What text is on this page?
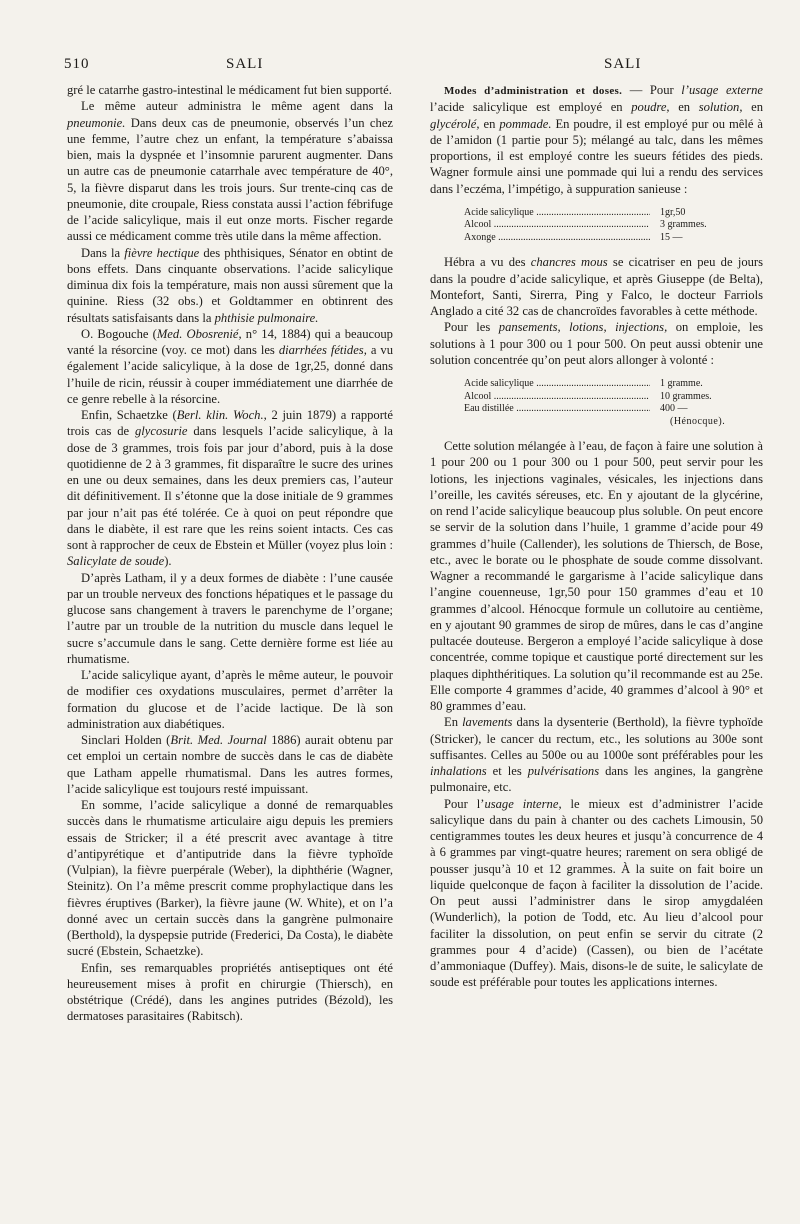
510	SALI	SALI

gré le catarrhe gastro-intestinal le médicament fut bien supporté.

Le même auteur administra le même agent dans la pneumonie. Dans deux cas de pneumonie, observés l’un chez une femme, l’autre chez un enfant, la température s’abaissa bien, mais la dyspnée et l’insomnie parurent augmenter. Dans un autre cas de pneumonie catarrhale avec température de 40°, 5, la fièvre disparut dans les trois jours. Sur trente-cinq cas de pneumonie, dite croupale, Riess constata aussi l’action fébrifuge de l’acide salicylique, mais il eut onze morts. Fischer regarde aussi ce médicament comme très utile dans la même affection.

Dans la fièvre hectique des phthisiques, Sénator en obtint de bons effets. Dans cinquante observations. l’acide salicylique diminua dix fois la température, mais non aussi sûrement que la quinine. Riess (32 obs.) et Goldtammer en obtinrent des résultats satisfaisants dans la phthisie pulmonaire.

O. Bogouche (Med. Obosrenié, n° 14, 1884) qui a beaucoup vanté la résorcine (voy. ce mot) dans les diarrhées fétides, a vu également l’acide salicylique, à la dose de 1gr,25, donné dans l’huile de ricin, réussir à couper immédiatement une diarrhée de ce genre rebelle à la résorcine.

Enfin, Schaetzke (Berl. klin. Woch., 2 juin 1879) a rapporté trois cas de glycosurie dans lesquels l’acide salicylique, à la dose de 3 grammes, trois fois par jour d’abord, puis à la dose quotidienne de 2 à 3 grammes, fit disparaître le sucre des urines en une ou deux semaines, dans les deux premiers cas, l’auteur dit définitivement. Il s’étonne que la dose initiale de 9 grammes par jour n’ait pas été tolérée. Ce à quoi on peut répondre que dans le diabète, il est rare que les reins soient intacts. Ces cas sont à rapprocher de ceux de Ebstein et Müller (voyez plus loin : Salicylate de soude).

D’après Latham, il y a deux formes de diabète : l’une causée par un trouble nerveux des fonctions hépatiques et le passage du glucose sans changement à travers le parenchyme de l’organe; l’autre par un trouble de la nutrition du muscle dans lequel le sucre s’accumule dans le sang. Cette dernière forme est liée au rhumatisme.

L’acide salicylique ayant, d’après le même auteur, le pouvoir de modifier ces oxydations musculaires, permet d’arrêter la formation du glucose et de l’acide lactique. De là son administration aux diabétiques.

Sinclari Holden (Brit. Med. Journal 1886) aurait obtenu par cet emploi un certain nombre de succès dans le cas de diabète que Latham appelle rhumatismal. Dans les autres formes, l’acide salicylique est toujours resté impuissant.

En somme, l’acide salicylique a donné de remarquables succès dans le rhumatisme articulaire aigu depuis les premiers essais de Stricker; il a été prescrit avec avantage à titre d’antipyrétique et d’antiputride dans la fièvre typhoïde (Vulpian), la fièvre puerpérale (Weber), la diphthérie (Wagner, Steinitz). On l’a même prescrit comme prophylactique dans les fièvres éruptives (Barker), la fièvre jaune (W. White), et on l’a donné avec un certain succès dans la gangrène pulmonaire (Berthold), la dyspepsie putride (Frederici, Da Costa), le diabète sucré (Ebstein, Schaetzke).

Enfin, ses remarquables propriétés antiseptiques ont été heureusement mises à profit en chirurgie (Thiersch), en obstétrique (Crédé), dans les angines putrides (Bézold), les dermatoses parasitaires (Rabitsch).

Modes d’administration et doses. — Pour l’usage externe l’acide salicylique est employé en poudre, en solution, en glycérolé, en pommade. En poudre, il est employé pur ou mêlé à de l’amidon (1 partie pour 5); mélangé au talc, dans les mêmes proportions, il est employé contre les sueurs fétides des pieds. Wagner formule ainsi une pommade qui lui a rendu des services dans l’eczéma, l’impétigo, à suppuration sanieuse :

Acide salicylique .....	1gr,50
Alcool .....	3 grammes.
Axonge .....	15 —

Hébra a vu des chancres mous se cicatriser en peu de jours dans la poudre d’acide salicylique, et après Giuseppe (de Belta), Montefort, Santi, Sirerra, Ping y Falco, le docteur Farriols Anglado a cité 32 cas de chancroïdes favorables à cette méthode.

Pour les pansements, lotions, injections, on emploie, les solutions à 1 pour 300 ou 1 pour 500. On peut aussi obtenir une solution concentrée qu’on peut alors allonger à volonté :

Acide salicylique .....	1 gramme.
Alcool .....	10 grammes.
Eau distillée .....	400 —
(Hénocque).

Cette solution mélangée à l’eau, de façon à faire une solution à 1 pour 200 ou 1 pour 300 ou 1 pour 500, peut servir pour les lotions, les injections vaginales, vésicales, les injections dans l’oreille, les cavités séreuses, etc. En y ajoutant de la glycérine, on rend l’acide salicylique beaucoup plus soluble. On peut encore se servir de la solution dans l’huile, 1 gramme d’acide pour 49 grammes d’huile (Callender), les solutions de Thiersch, de Bose, etc., avec le borate ou le phosphate de soude comme dissolvant. Wagner a recommandé le gargarisme à l’acide salicylique dans l’angine couenneuse, 1gr,50 pour 150 grammes d’eau et 10 grammes d’alcool. Hénocque formule un collutoire au centième, en y ajoutant 90 grammes de sirop de mûres, dans le cas d’angine pultacée douteuse. Bergeron a employé l’acide salicylique à dose concentrée, comme topique et caustique porté directement sur les plaques diphthéritiques. La solution qu’il recommande est au 25e. Elle comporte 4 grammes d’acide, 40 grammes d’alcool à 90° et 80 grammes d’eau.

En lavements dans la dysenterie (Berthold), la fièvre typhoïde (Stricker), le cancer du rectum, etc., les solutions au 300e sont suffisantes. Celles au 500e ou au 1000e sont préférables pour les inhalations et les pulvérisations dans les angines, la gangrène pulmonaire, etc.

Pour l’usage interne, le mieux est d’administrer l’acide salicylique dans du pain à chanter ou des cachets Limousin, 50 centigrammes toutes les deux heures et jusqu’à concurrence de 4 à 6 grammes par vingt-quatre heures; rarement on sera obligé de pousser jusqu’à 10 et 12 grammes. À la suite on fait boire un liquide quelconque de façon à faciliter la dissolution de l’acide. On peut aussi l’administrer dans le sirop amygdaléen (Wunderlich), la potion de Todd, etc. Au lieu d’alcool pour faciliter la dissolution, on peut enfin se servir du citrate (2 grammes pour 4 d’acide) (Cassen), ou bien de l’acétate d’ammoniaque (Duffey). Mais, disons-le de suite, le salicylate de soude est préférable pour toutes les applications internes.
